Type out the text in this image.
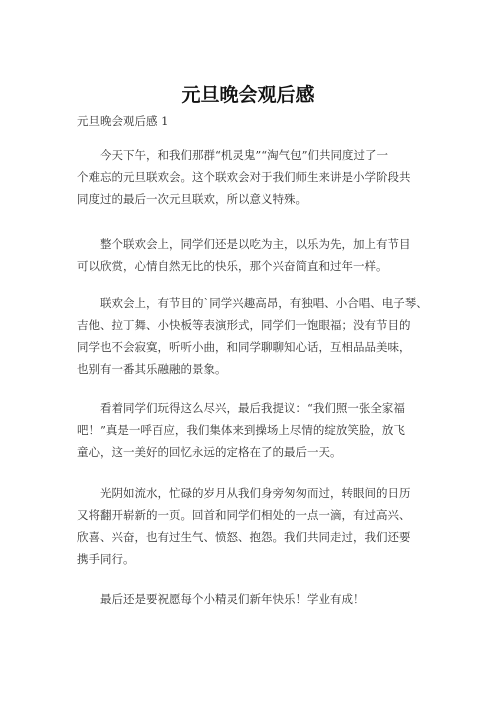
元旦晚会观后感

元旦晚会观后感 1

今天下午，和我们那群“机灵鬼”“淘气包”们共同度过了一
个难忘的元旦联欢会。这个联欢会对于我们师生来讲是小学阶段共
同度过的最后一次元旦联欢，所以意义特殊。
整个联欢会上，同学们还是以吃为主，以乐为先，加上有节目
可以欣赏，心情自然无比的快乐，那个兴奋简直和过年一样。
联欢会上，有节目的`同学兴趣高昂，有独唱、小合唱、电子琴、
吉他、拉丁舞、小快板等表演形式，同学们一饱眼福；没有节目的
同学也不会寂寞，听听小曲，和同学聊聊知心话，互相品品美味，
也别有一番其乐融融的景象。
看着同学们玩得这么尽兴，最后我提议：“我们照一张全家福
吧！”真是一呼百应，我们集体来到操场上尽情的绽放笑脸，放飞
童心，这一美好的回忆永远的定格在了的最后一天。
光阴如流水，忙碌的岁月从我们身旁匆匆而过，转眼间的日历
又将翻开崭新的一页。回首和同学们相处的一点一滴，有过高兴、
欣喜、兴奋，也有过生气、愤怒、抱怨。我们共同走过，我们还要
携手同行。
最后还是要祝愿每个小精灵们新年快乐！学业有成！
